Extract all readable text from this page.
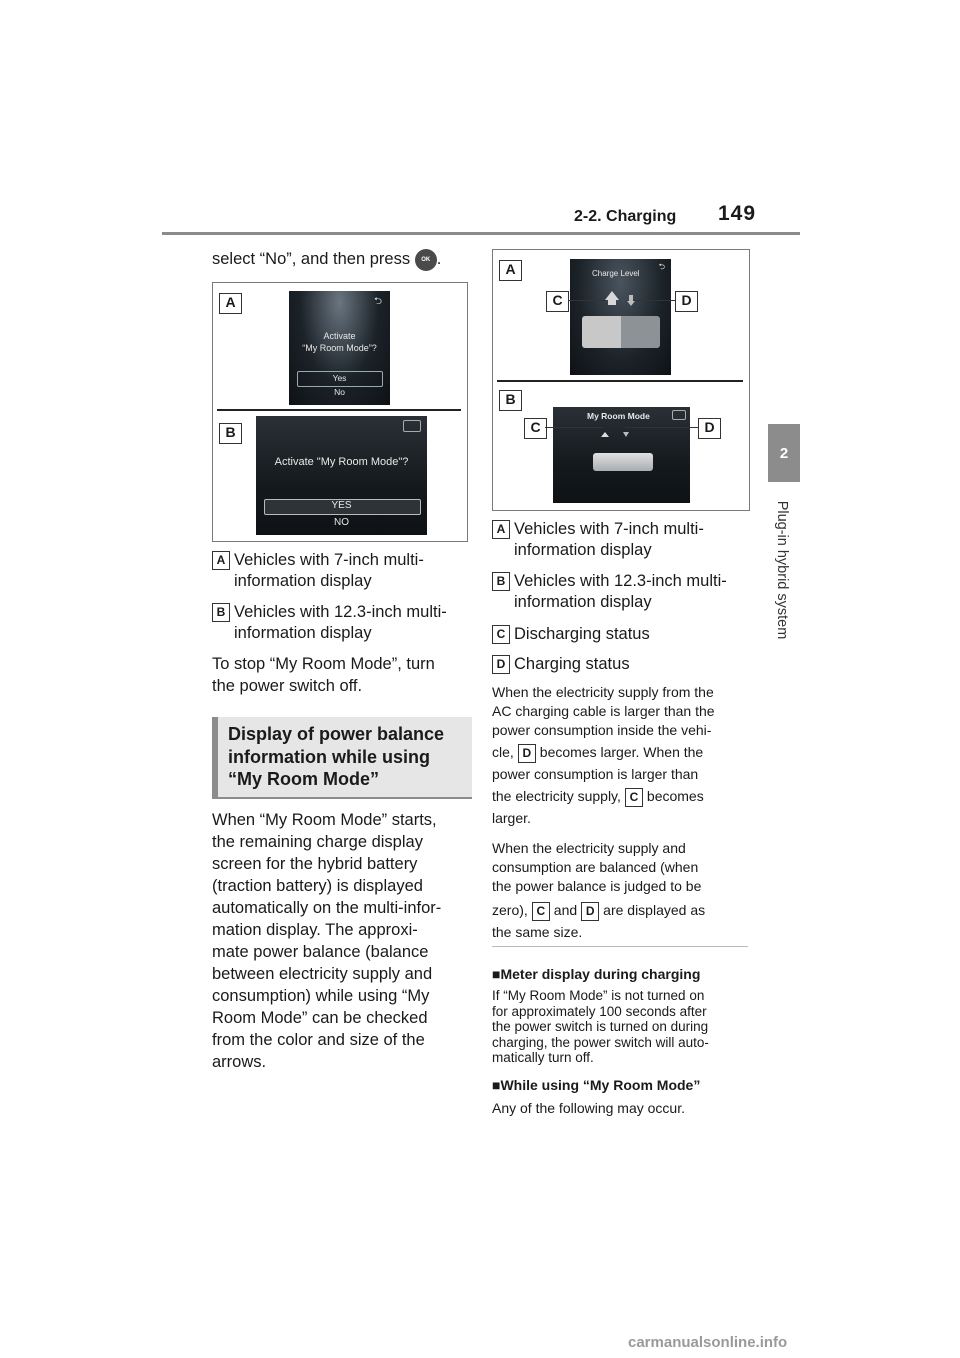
2-2. Charging 149
2
Plug-in hybrid system
select “No”, and then press OK .
A	⮌
Activate
“My Room Mode”?
Yes
No
B
Activate "My Room Mode"?
YES
NO
A Vehicles with 7-inch multi-
information display
B Vehicles with 12.3-inch multi-
information display
To stop “My Room Mode”, turn
the power switch off.
Display of power balance
information while using
“My Room Mode”
When “My Room Mode” starts,
the remaining charge display
screen for the hybrid battery
(traction battery) is displayed
automatically on the multi-infor-
mation display. The approxi-
mate power balance (balance
between electricity supply and
consumption) while using “My
Room Mode” can be checked
from the color and size of the
arrows.
A	Charge Level
⮌
C	D
B
My Room Mode
C	D
A Vehicles with 7-inch multi-
information display
B Vehicles with 12.3-inch multi-
information display
C Discharging status
D Charging status
When the electricity supply from the
AC charging cable is larger than the
power consumption inside the vehi-
cle, D becomes larger. When the
power consumption is larger than
the electricity supply, C becomes
larger.
When the electricity supply and
consumption are balanced (when
the power balance is judged to be
zero), C and D are displayed as
the same size.
■Meter display during charging
If “My Room Mode” is not turned on
for approximately 100 seconds after
the power switch is turned on during
charging, the power switch will auto-
matically turn off.
■While using “My Room Mode”
Any of the following may occur.
carmanualsonline.info
